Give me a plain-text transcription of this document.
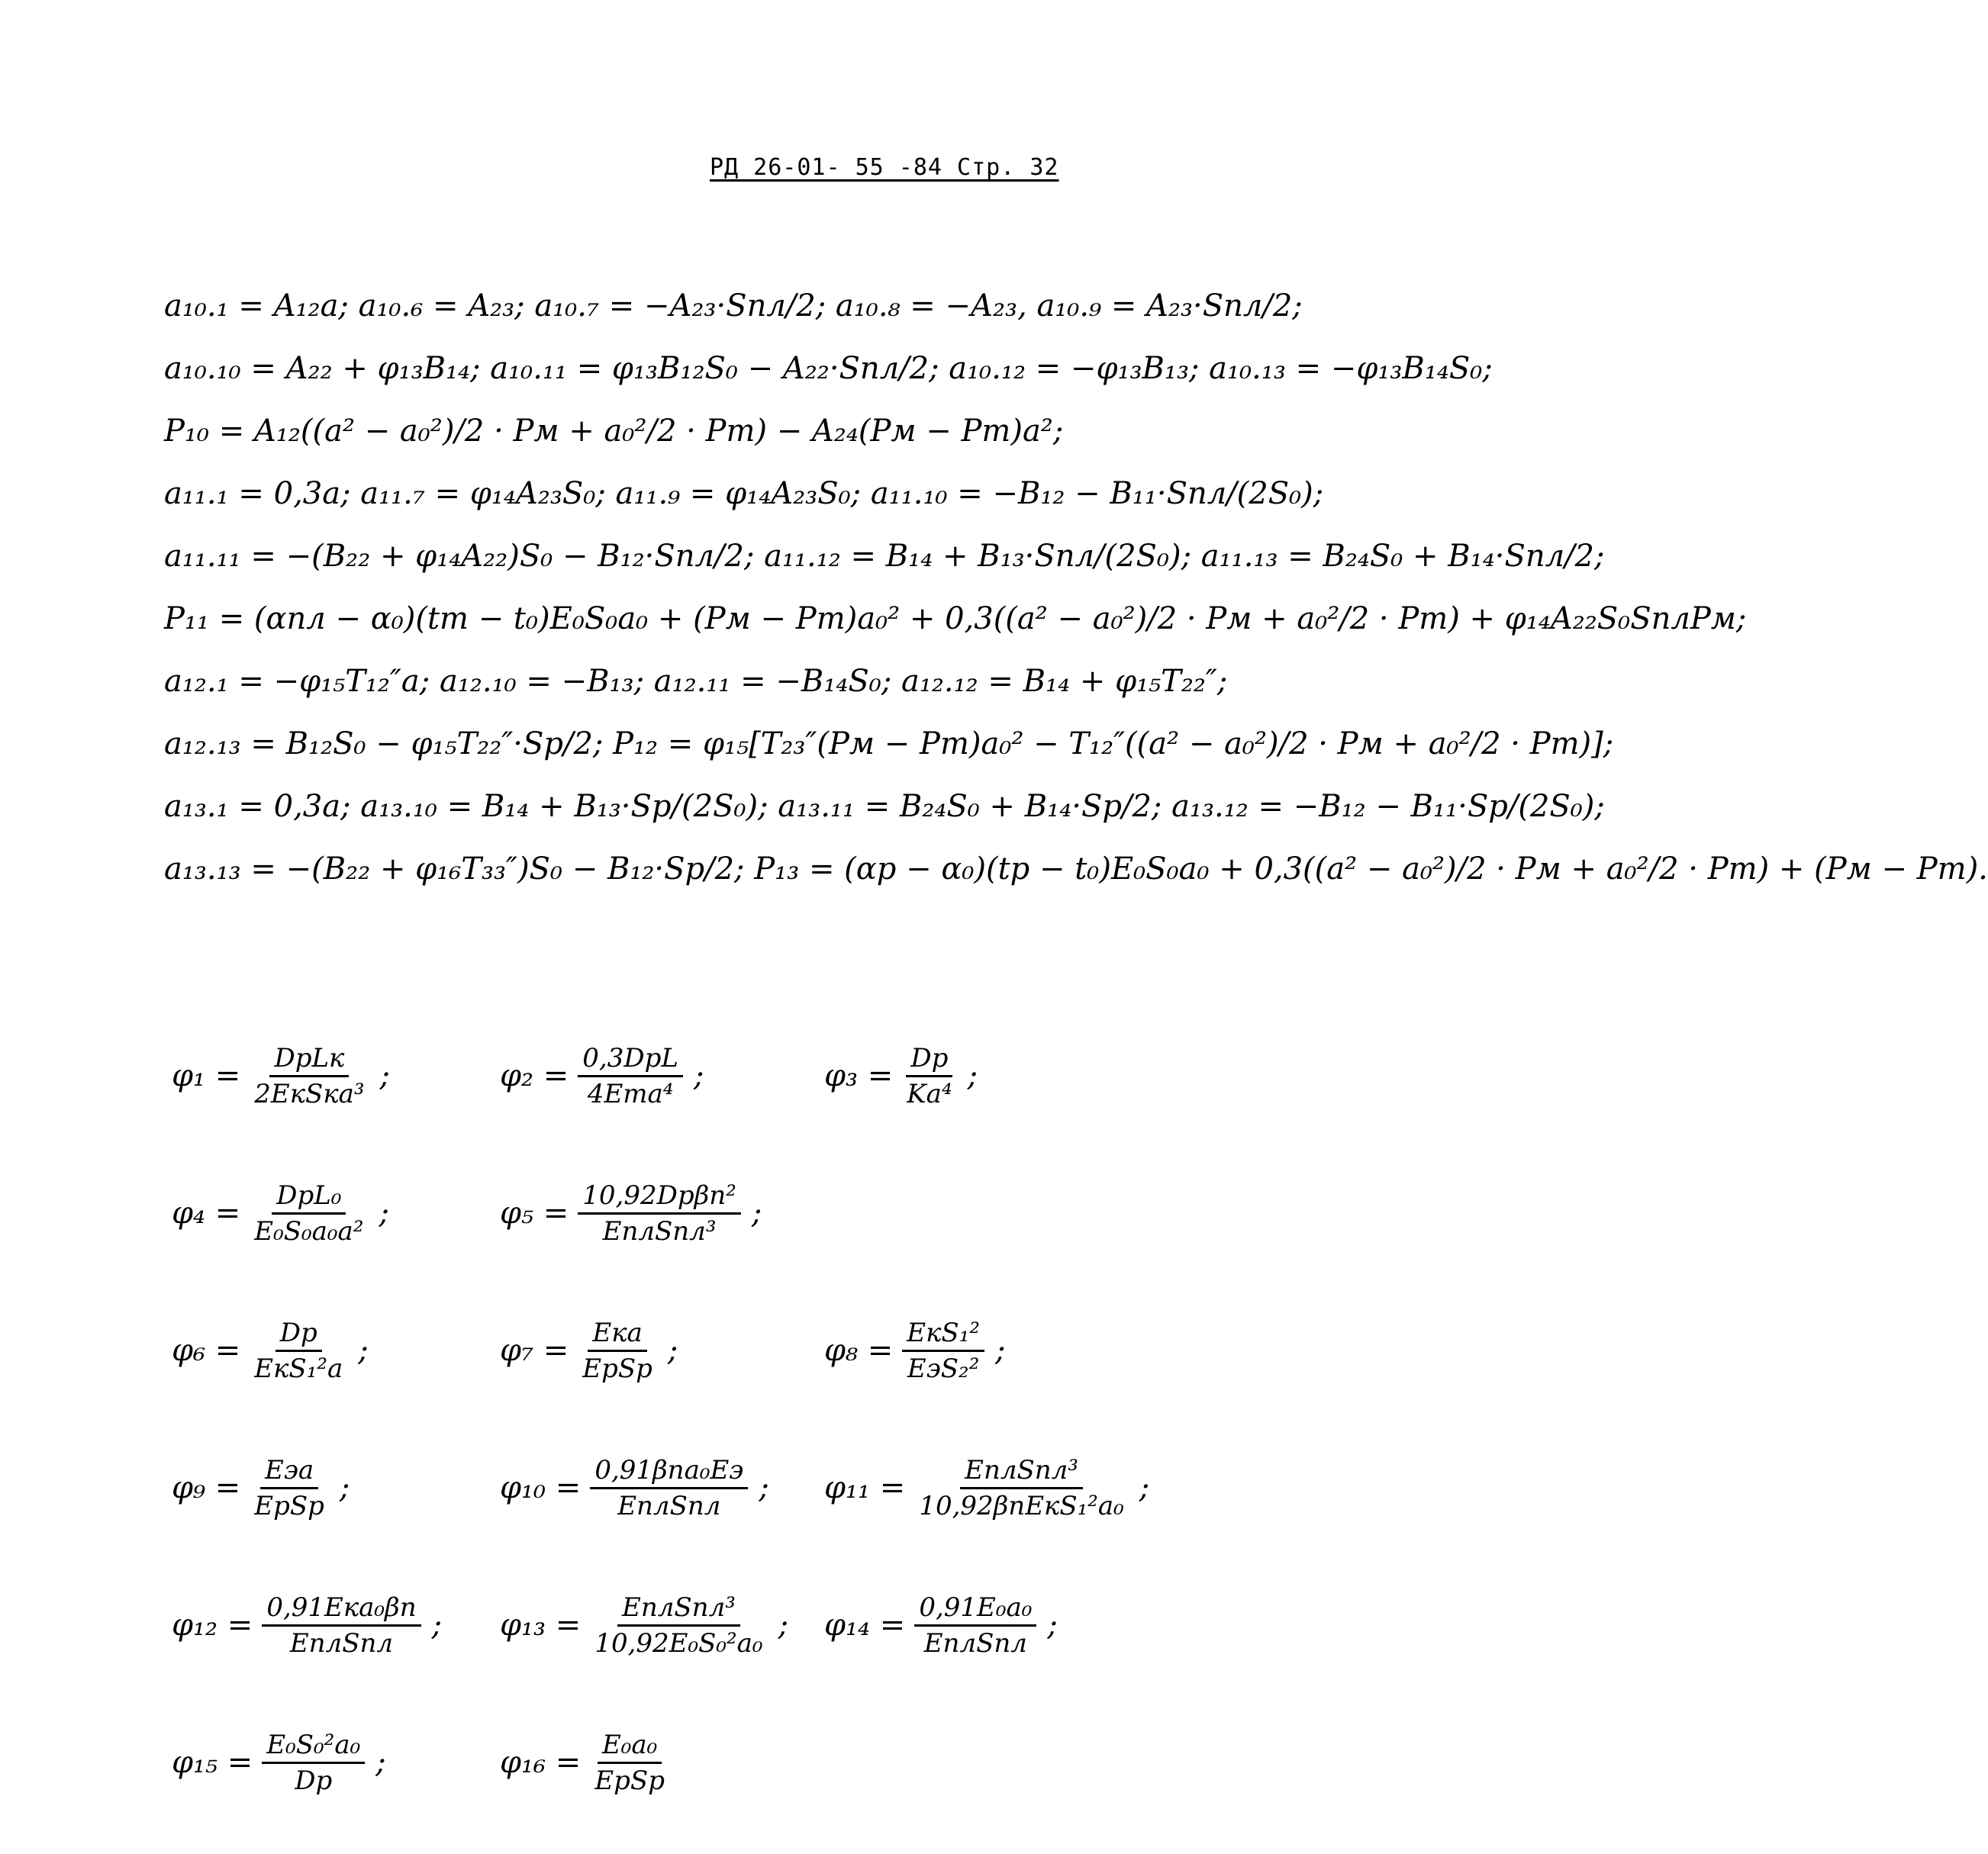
РД 26-01- 55 -84 Стр. 32
a₁₀.₁ = A₁₂a; a₁₀.₆ = A₂₃; a₁₀.₇ = −A₂₃·Sпл/2; a₁₀.₈ = −A₂₃, a₁₀.₉ = A₂₃·Sпл/2;
a₁₀.₁₀ = A₂₂ + φ₁₃B₁₄; a₁₀.₁₁ = φ₁₃B₁₂S₀ − A₂₂·Sпл/2; a₁₀.₁₂ = −φ₁₃B₁₃; a₁₀.₁₃ = −φ₁₃B₁₄S₀;
P₁₀ = A₁₂((a² − a₀²)/2 · Pм + a₀²/2 · Pт) − A₂₄(Pм − Pт)a²;
a₁₁.₁ = 0,3a; a₁₁.₇ = φ₁₄A₂₃S₀; a₁₁.₉ = φ₁₄A₂₃S₀; a₁₁.₁₀ = −B₁₂ − B₁₁·Sпл/(2S₀);
a₁₁.₁₁ = −(B₂₂ + φ₁₄A₂₂)S₀ − B₁₂·Sпл/2; a₁₁.₁₂ = B₁₄ + B₁₃·Sпл/(2S₀); a₁₁.₁₃ = B₂₄S₀ + B₁₄·Sпл/2;
P₁₁ = (αпл − α₀)(tт − t₀)E₀S₀a₀ + (Pм − Pт)a₀² + 0,3((a² − a₀²)/2 · Pм + a₀²/2 · Pт) + φ₁₄A₂₂S₀SплPм;
a₁₂.₁ = −φ₁₅T₁₂″a; a₁₂.₁₀ = −B₁₃; a₁₂.₁₁ = −B₁₄S₀; a₁₂.₁₂ = B₁₄ + φ₁₅T₂₂″;
a₁₂.₁₃ = B₁₂S₀ − φ₁₅T₂₂″·Sp/2; P₁₂ = φ₁₅[T₂₃″(Pм − Pт)a₀² − T₁₂″((a² − a₀²)/2 · Pм + a₀²/2 · Pт)];
a₁₃.₁ = 0,3a; a₁₃.₁₀ = B₁₄ + B₁₃·Sp/(2S₀); a₁₃.₁₁ = B₂₄S₀ + B₁₄·Sp/2; a₁₃.₁₂ = −B₁₂ − B₁₁·Sp/(2S₀);
a₁₃.₁₃ = −(B₂₂ + φ₁₆T₃₃″)S₀ − B₁₂·Sp/2; P₁₃ = (αp − α₀)(tp − t₀)E₀S₀a₀ + 0,3((a² − a₀²)/2 · Pм + a₀²/2 · Pт) + (Pм − Pт).
$\varphi_1 = \frac{\text{DpLк}}{\text{2EкSкa³}}$ ;	$\varphi_2 = \frac{\text{0,3DpL}}{\text{4Eтa⁴}}$ ;	$\varphi_3 = \frac{Dp}{\text{Ka⁴}}$ ;
$\varphi_4 = \frac{\text{DpL₀}}{\text{E₀S₀a₀a²}}$ ;	$\varphi_5 = \frac{\text{10,92Dpβп²}}{\text{EплSпл³}}$ ;
$\varphi_6 = \frac{Dp}{\text{EкS₁²a}}$ ;	$\varphi_7 = \frac{\text{Eкa}}{\text{EpSp}}$ ;	$\varphi_8 = \frac{\text{EкS₁²}}{\text{EэS₂²}}$ ;
$\varphi_9 = \frac{\text{Eэa}}{\text{EpSp}}$ ;	$\varphi_{10} = \frac{\text{0,91βпa₀Eэ}}{\text{EплSпл}}$ ; $\varphi_{11} = \frac{\text{EплSпл³}}{\text{10,92βпEкS₁²a₀}}$ ;
$\varphi_{12} = \frac{\text{0,91Eкa₀βп}}{\text{EплSпл}}$ ; $\varphi_{13} = \frac{\text{EплSпл³}}{\text{10,92E₀S₀²a₀}}$ ; $\varphi_{14} = \frac{\text{0,91E₀a₀}}{\text{EплSпл}}$ ;
$\varphi_{15} = \frac{\text{E₀S₀²a₀}}{Dp}$ ;	$\varphi_{16} = \frac{\text{E₀a₀}}{\text{EpSp}}$
